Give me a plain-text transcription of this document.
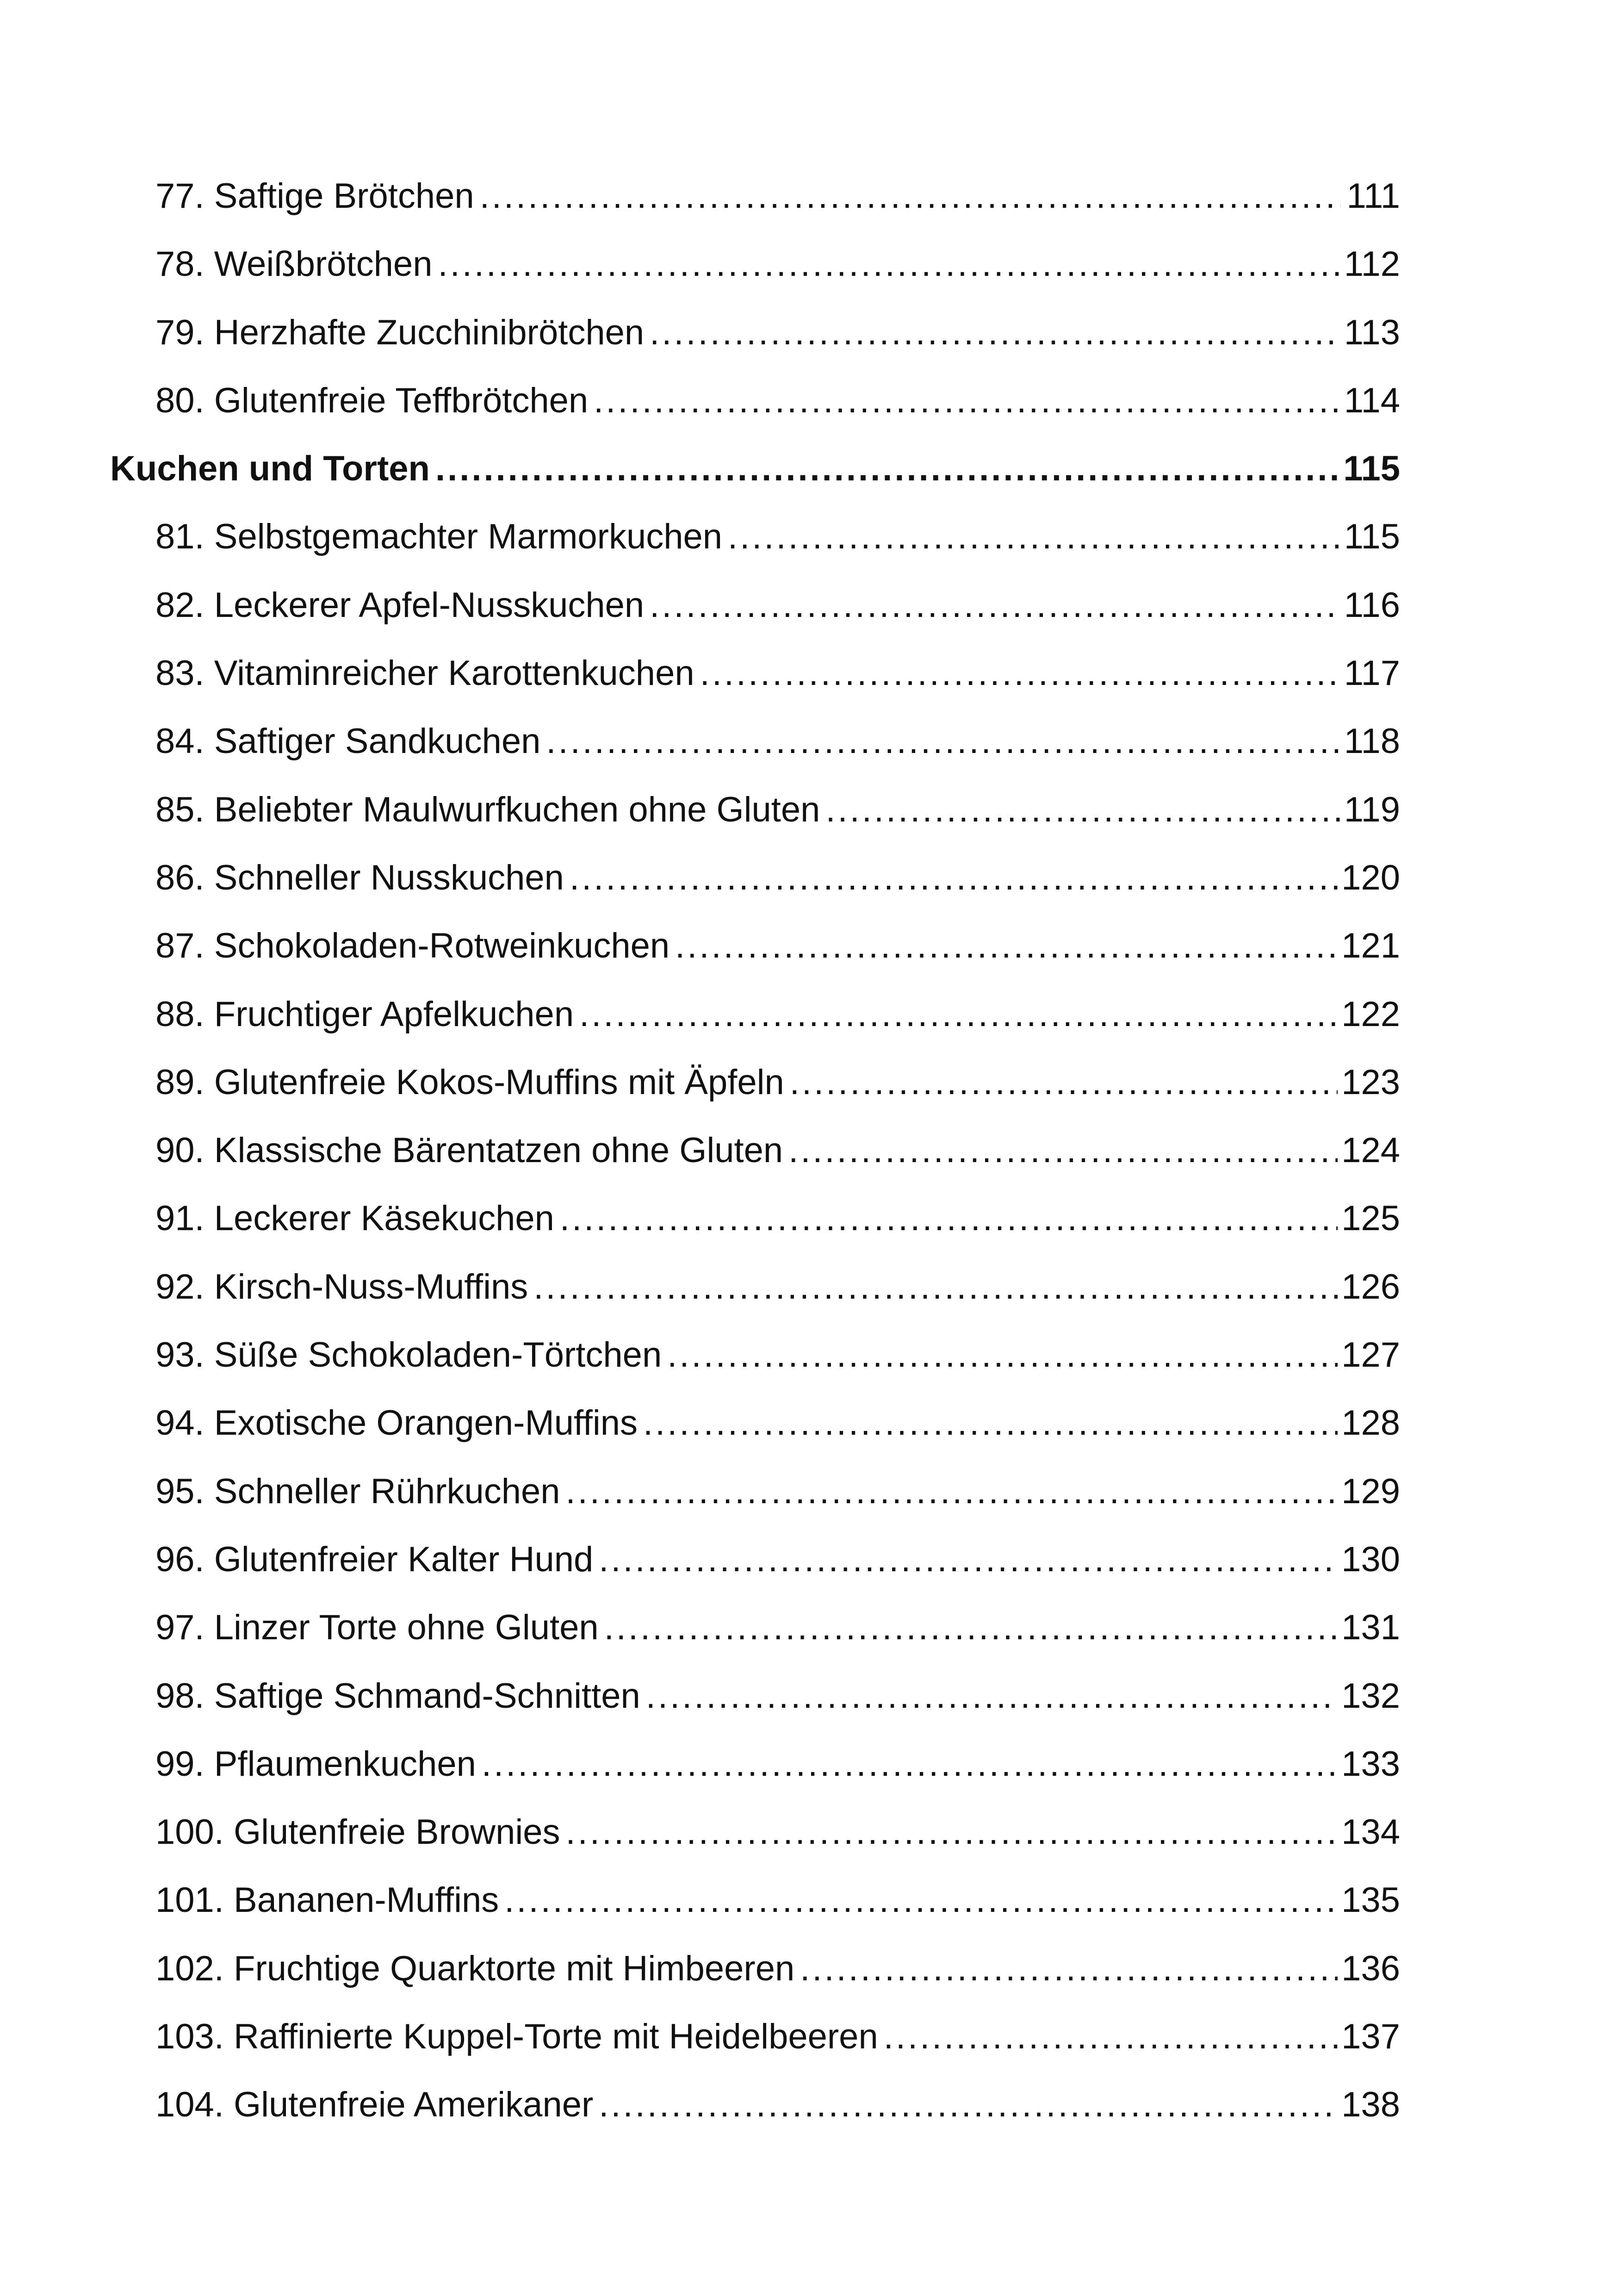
77. Saftige Brötchen .....	111
78. Weißbrötchen .....	112
79. Herzhafte Zucchinibrötchen .....	113
80. Glutenfreie Teffbrötchen .....	114
Kuchen und Torten .....	115
81. Selbstgemachter Marmorkuchen .....	115
82. Leckerer Apfel-Nusskuchen .....	116
83. Vitaminreicher Karottenkuchen .....	117
84. Saftiger Sandkuchen .....	118
85. Beliebter Maulwurfkuchen ohne Gluten .....	119
86. Schneller Nusskuchen .....	120
87. Schokoladen-Rotweinkuchen .....	121
88. Fruchtiger Apfelkuchen .....	122
89. Glutenfreie Kokos-Muffins mit Äpfeln .....	123
90. Klassische Bärentatzen ohne Gluten .....	124
91. Leckerer Käsekuchen .....	125
92. Kirsch-Nuss-Muffins .....	126
93. Süße Schokoladen-Törtchen .....	127
94. Exotische Orangen-Muffins .....	128
95. Schneller Rührkuchen .....	129
96. Glutenfreier Kalter Hund .....	130
97. Linzer Torte ohne Gluten .....	131
98. Saftige Schmand-Schnitten .....	132
99. Pflaumenkuchen .....	133
100. Glutenfreie Brownies .....	134
101. Bananen-Muffins .....	135
102. Fruchtige Quarktorte mit Himbeeren .....	136
103. Raffinierte Kuppel-Torte mit Heidelbeeren .....	137
104. Glutenfreie Amerikaner .....	138
